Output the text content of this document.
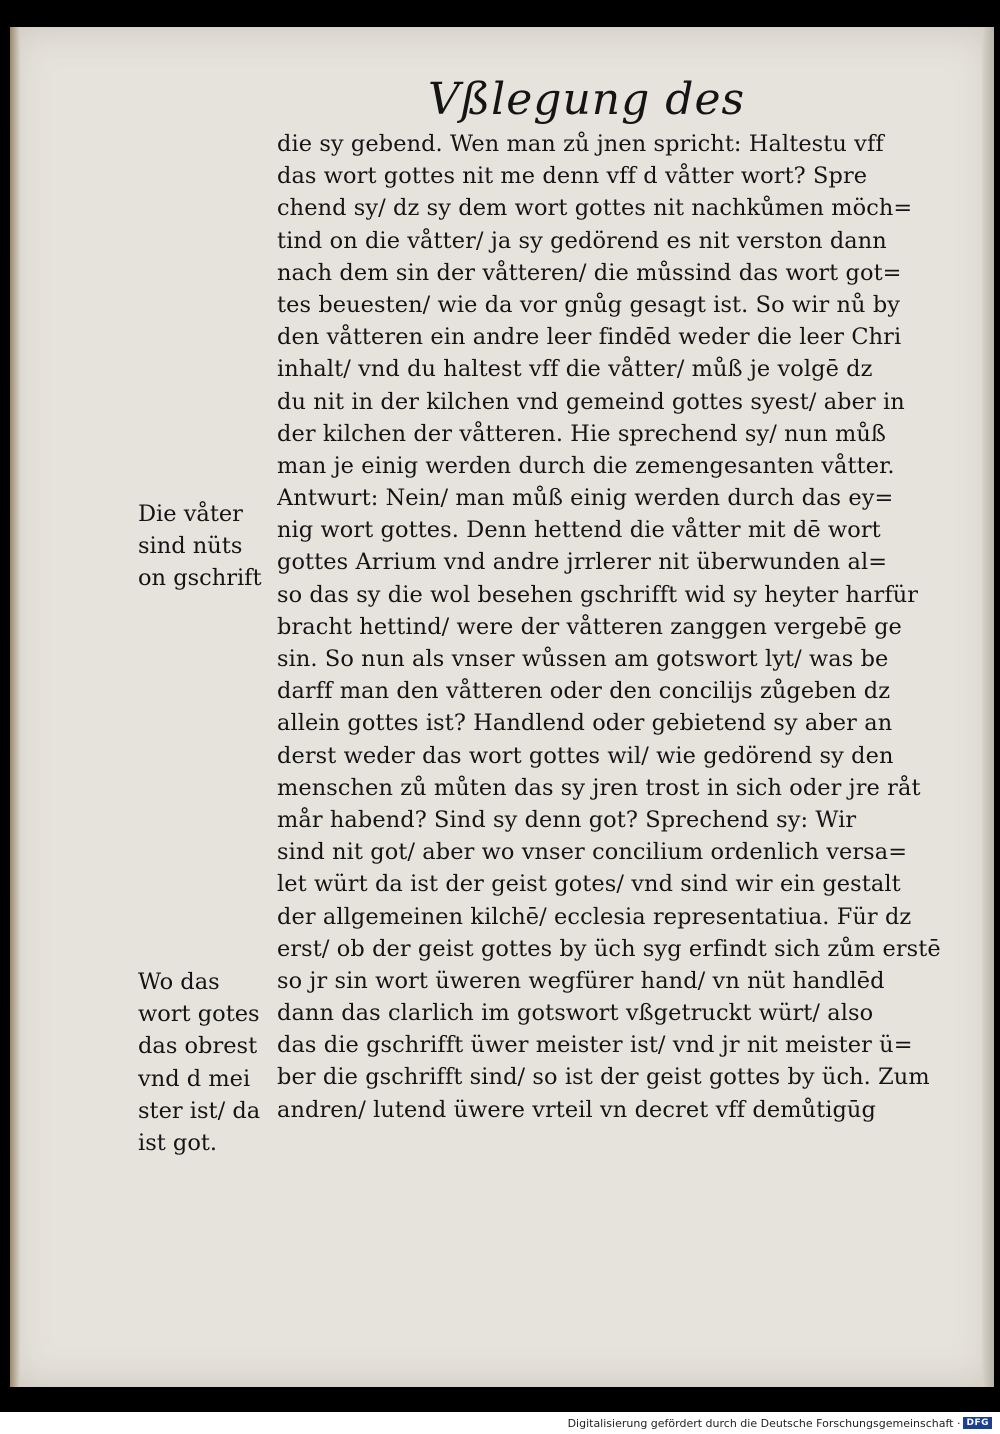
Vßlegung des
die sy gebend. Wen man zů jnen spricht: Haltestu vff
das wort gottes nit me denn vff d våtter wort? Spre
chend sy/ dz sy dem wort gottes nit nachkůmen möch=
tind on die våtter/ ja sy gedörend es nit verston dann
nach dem sin der våtteren/ die můssind das wort got=
tes beuesten/ wie da vor gnůg gesagt ist. So wir nů by
den våtteren ein andre leer findēd weder die leer Chri
inhalt/ vnd du haltest vff die våtter/ můß je volgē dz
du nit in der kilchen vnd gemeind gottes syest/ aber in
der kilchen der våtteren. Hie sprechend sy/ nun můß
man je einig werden durch die zemengesanten våtter.
Antwurt: Nein/ man můß einig werden durch das ey=
nig wort gottes. Denn hettend die våtter mit dē wort
gottes Arrium vnd andre jrrlerer nit überwunden al=
so das sy die wol besehen gschrifft wid sy heyter harfür
bracht hettind/ were der våtteren zanggen vergebē ge
sin. So nun als vnser wůssen am gotswort lyt/ was be
darff man den våtteren oder den concilijs zůgeben dz
allein gottes ist? Handlend oder gebietend sy aber an
derst weder das wort gottes wil/ wie gedörend sy den
menschen zů můten das sy jren trost in sich oder jre råt
mår habend? Sind sy denn got? Sprechend sy: Wir
sind nit got/ aber wo vnser concilium ordenlich versa=
let würt da ist der geist gotes/ vnd sind wir ein gestalt
der allgemeinen kilchē/ ecclesia representatiua. Für dz
erst/ ob der geist gottes by üch syg erfindt sich zům erstē
so jr sin wort üweren wegfürer hand/ vn nüt handlēd
dann das clarlich im gotswort vßgetruckt würt/ also
das die gschrifft üwer meister ist/ vnd jr nit meister ü=
ber die gschrifft sind/ so ist der geist gottes by üch. Zum
andren/ lutend üwere vrteil vn decret vff demůtigūg
Die våter
sind nüts
on gschrift
Wo das
wort gotes
das obrest
vnd d mei
ster ist/ da
ist got.
Digitalisierung gefördert durch die Deutsche Forschungsgemeinschaft · DFG
